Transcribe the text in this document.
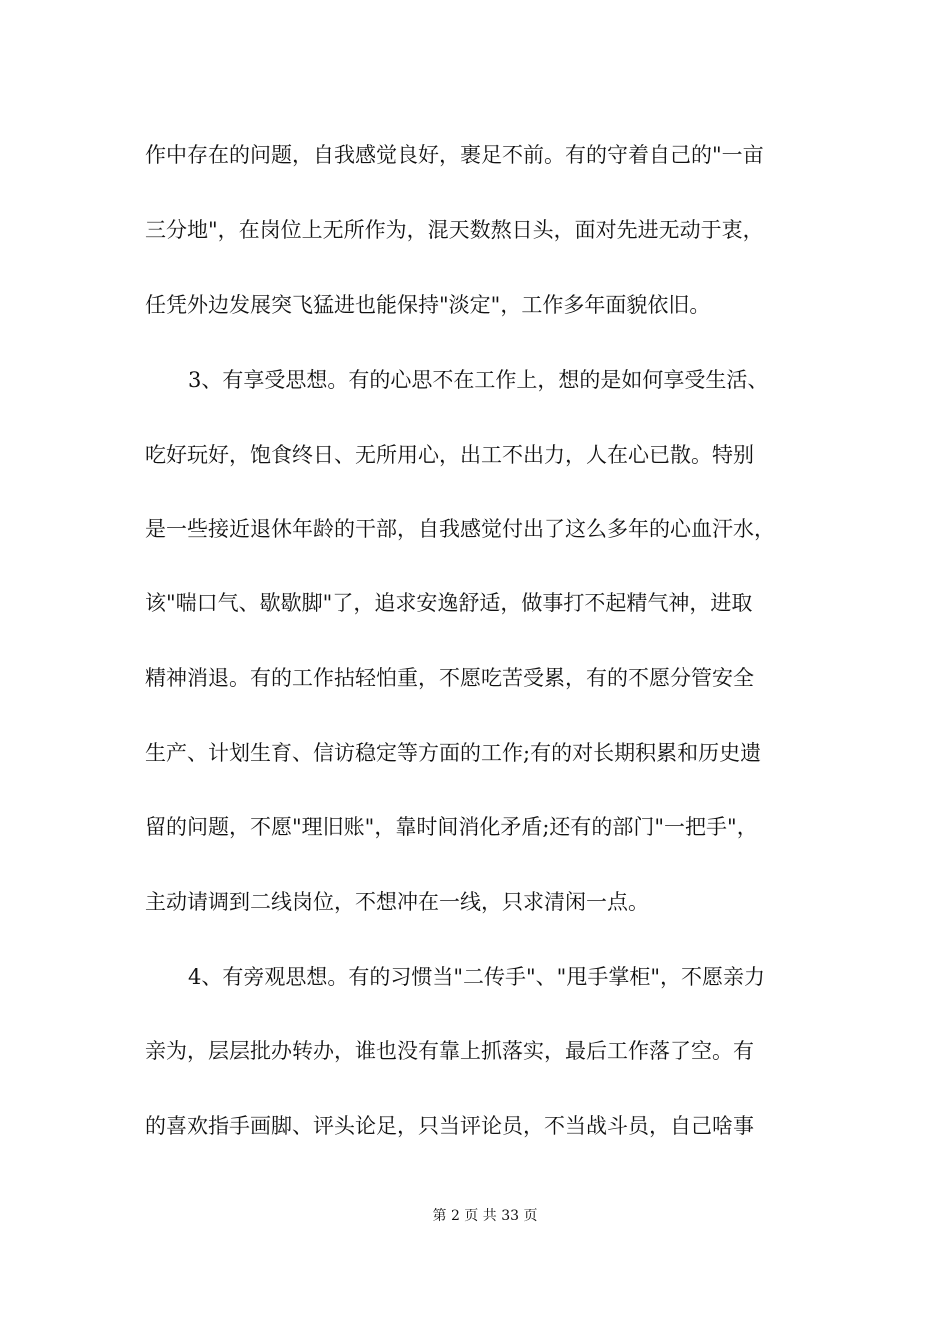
作中存在的问题，自我感觉良好，裹足不前。有的守着自己的"一亩
三分地"，在岗位上无所作为，混天数熬日头，面对先进无动于衷，
任凭外边发展突飞猛进也能保持"淡定"，工作多年面貌依旧。
3、有享受思想。有的心思不在工作上，想的是如何享受生活、
吃好玩好，饱食终日、无所用心，出工不出力，人在心已散。特别
是一些接近退休年龄的干部，自我感觉付出了这么多年的心血汗水，
该"喘口气、歇歇脚"了，追求安逸舒适，做事打不起精气神，进取
精神消退。有的工作拈轻怕重，不愿吃苦受累，有的不愿分管安全
生产、计划生育、信访稳定等方面的工作;有的对长期积累和历史遗
留的问题，不愿"理旧账"，靠时间消化矛盾;还有的部门"一把手"，
主动请调到二线岗位，不想冲在一线，只求清闲一点。
4、有旁观思想。有的习惯当"二传手"、"甩手掌柜"，不愿亲力
亲为，层层批办转办，谁也没有靠上抓落实，最后工作落了空。有
的喜欢指手画脚、评头论足，只当评论员，不当战斗员，自己啥事
第 2 页 共 33 页
